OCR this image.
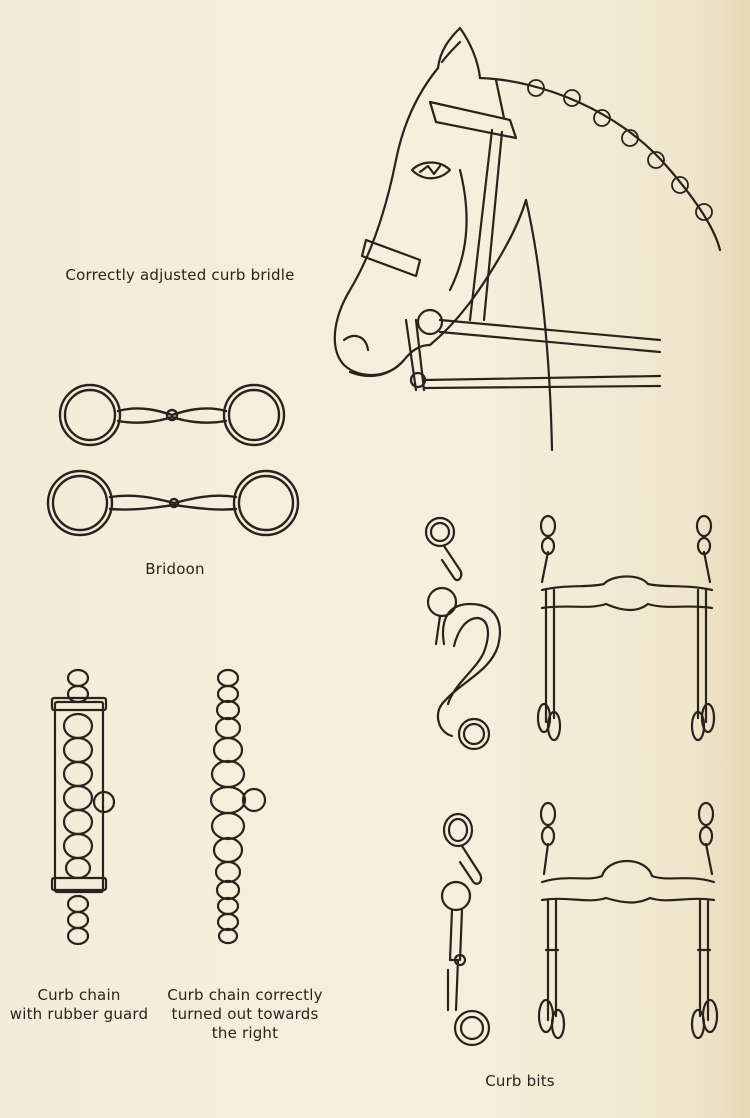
Correctly adjusted curb bridle
Bridoon
Curb chain
with rubber guard
Curb chain correctly
turned out towards
the right
Curb bits
